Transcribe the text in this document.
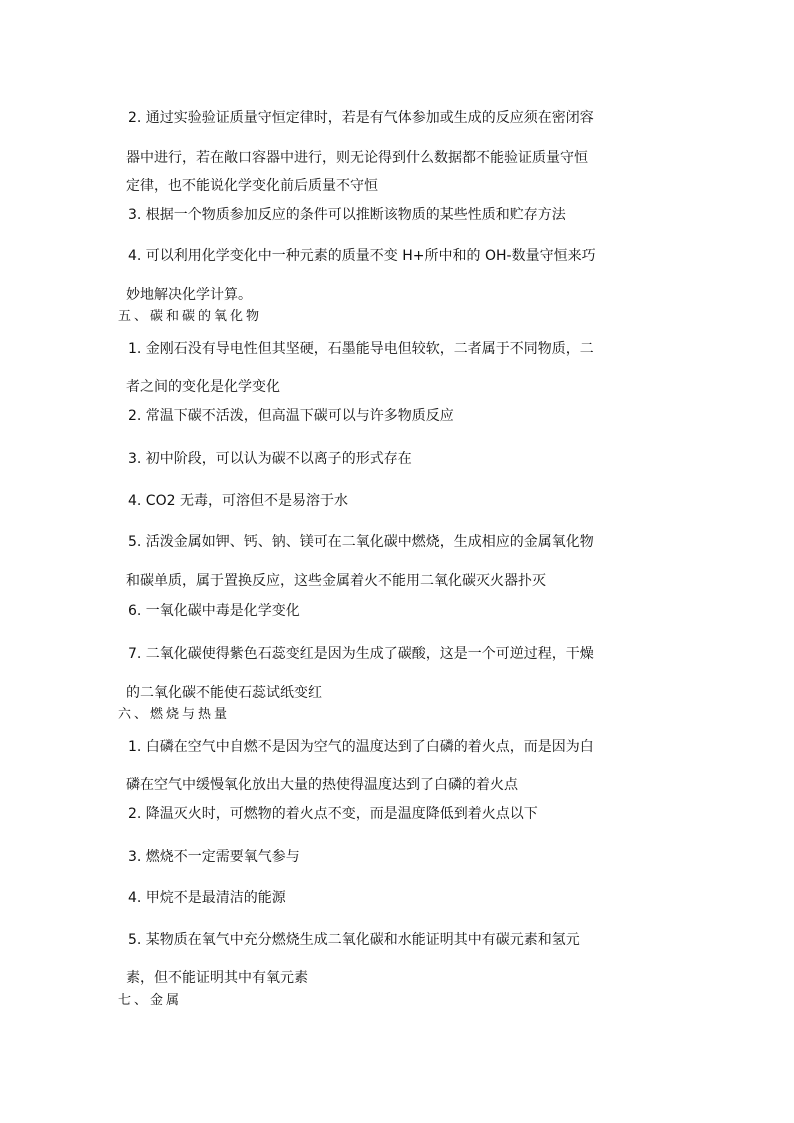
2. 通过实验验证质量守恒定律时，若是有气体参加或生成的反应须在密闭容
器中进行，若在敞口容器中进行，则无论得到什么数据都不能验证质量守恒
定律，也不能说化学变化前后质量不守恒
3. 根据一个物质参加反应的条件可以推断该物质的某些性质和贮存方法
4. 可以利用化学变化中一种元素的质量不变 H+所中和的 OH-数量守恒来巧
妙地解决化学计算。
五、碳和碳的氧化物
1. 金刚石没有导电性但其坚硬，石墨能导电但较软，二者属于不同物质，二
者之间的变化是化学变化
2. 常温下碳不活泼，但高温下碳可以与许多物质反应
3. 初中阶段，可以认为碳不以离子的形式存在
4. CO2 无毒，可溶但不是易溶于水
5. 活泼金属如钾、钙、钠、镁可在二氧化碳中燃烧，生成相应的金属氧化物
和碳单质，属于置换反应，这些金属着火不能用二氧化碳灭火器扑灭
6. 一氧化碳中毒是化学变化
7. 二氧化碳使得紫色石蕊变红是因为生成了碳酸，这是一个可逆过程，干燥
的二氧化碳不能使石蕊试纸变红
六、燃烧与热量
1. 白磷在空气中自燃不是因为空气的温度达到了白磷的着火点，而是因为白
磷在空气中缓慢氧化放出大量的热使得温度达到了白磷的着火点
2. 降温灭火时，可燃物的着火点不变，而是温度降低到着火点以下
3. 燃烧不一定需要氧气参与
4. 甲烷不是最清洁的能源
5. 某物质在氧气中充分燃烧生成二氧化碳和水能证明其中有碳元素和氢元
素，但不能证明其中有氧元素
七、金属
